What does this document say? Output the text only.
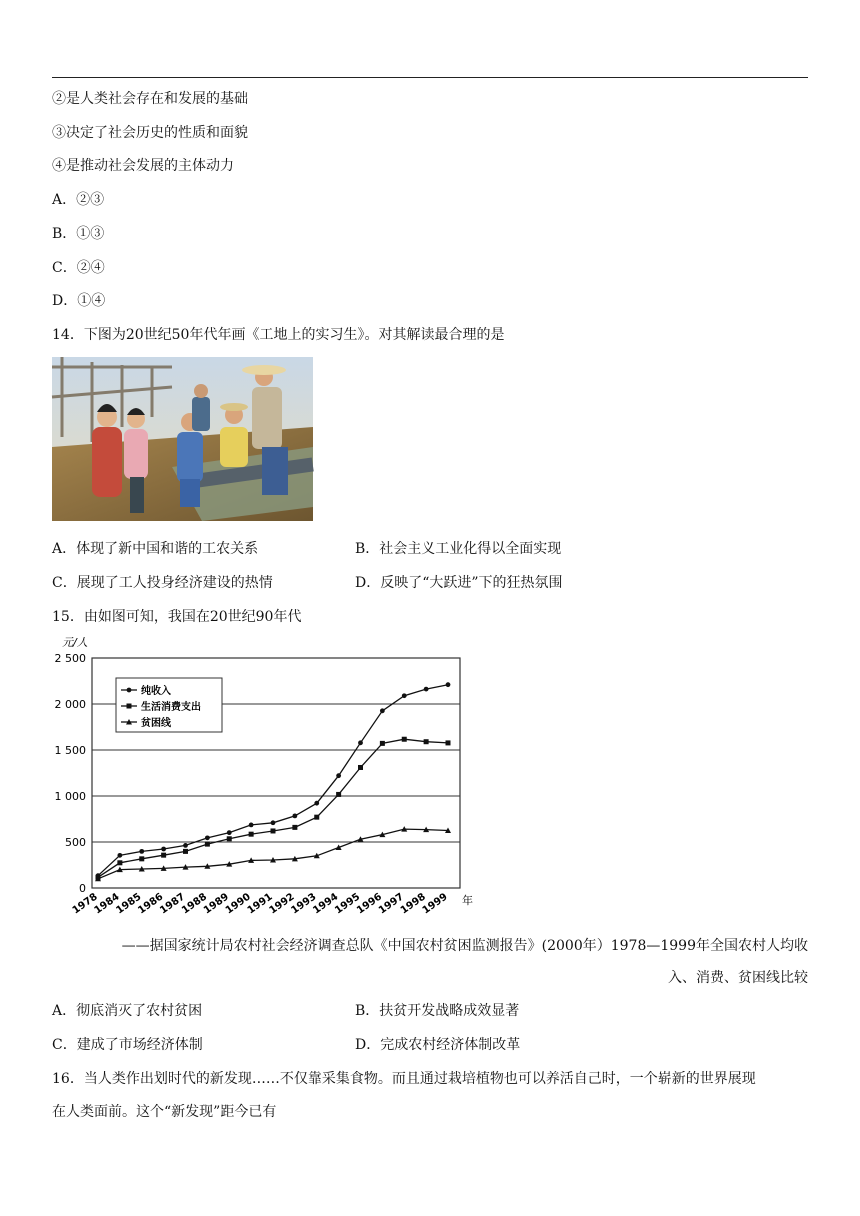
②是人类社会存在和发展的基础
③决定了社会历史的性质和面貌
④是推动社会发展的主体动力
A．②③
B．①③
C．②④
D．①④
14．下图为20世纪50年代年画《工地上的实习生》。对其解读最合理的是
A．体现了新中国和谐的工农关系	B．社会主义工业化得以全面实现
C．展现了工人投身经济建设的热情	D．反映了“大跃进”下的狂热氛围
15．由如图可知，我国在20世纪90年代
元/人
0
500
1 000
1 500
2 000
2 500
1978
1984
1985
1986
1987
1988
1989
1990
1991
1992
1993
1994
1995
1996
1997
1998
1999 年
纯收入
生活消费支出
贫困线
——据国家统计局农村社会经济调查总队《中国农村贫困监测报告》(2000年）1978—1999年全国农村人均收
入、消费、贫困线比较
A．彻底消灭了农村贫困	B．扶贫开发战略成效显著
C．建成了市场经济体制	D．完成农村经济体制改革
16．当人类作出划时代的新发现……不仅靠采集食物。而且通过栽培植物也可以养活自己时，一个崭新的世界展现
在人类面前。这个“新发现”距今已有
